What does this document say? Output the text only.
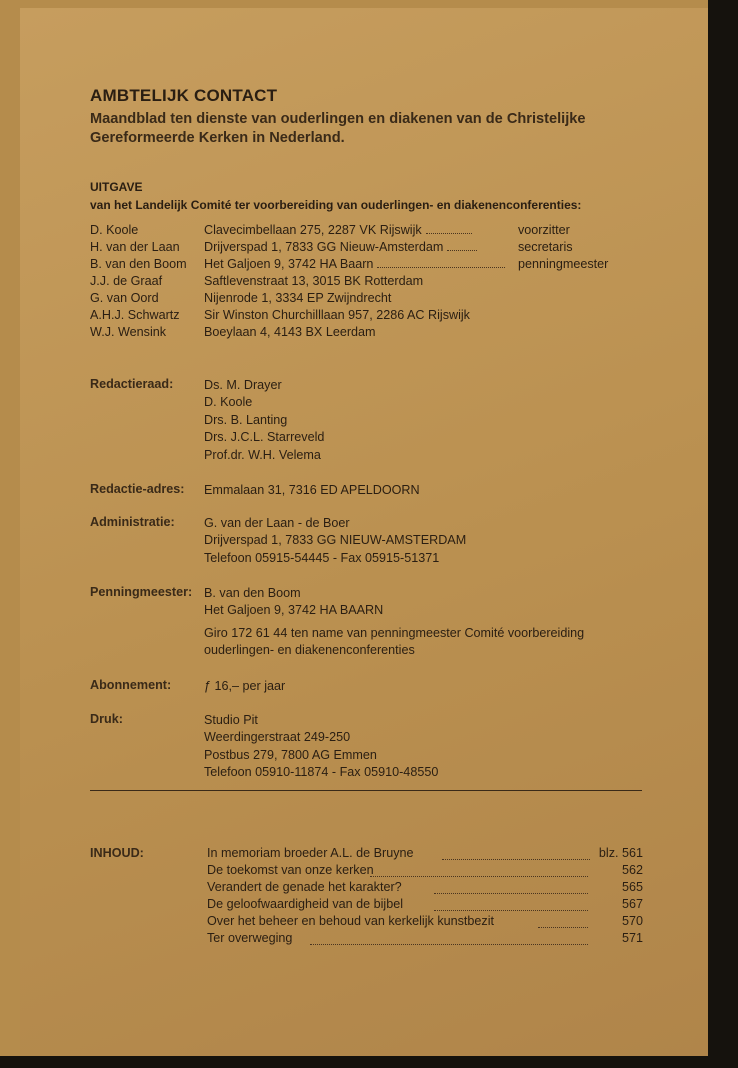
AMBTELIJK CONTACT
Maandblad ten dienste van ouderlingen en diakenen van de Christelijke
Gereformeerde Kerken in Nederland.
UITGAVE
van het Landelijk Comité ter voorbereiding van ouderlingen- en diakenenconferenties:
D. Koole	Clavecimbellaan 275, 2287 VK Rijswijk	voorzitter
H. van der Laan	Drijverspad 1, 7833 GG Nieuw-Amsterdam	secretaris
B. van den Boom	Het Galjoen 9, 3742 HA Baarn	penningmeester
J.J. de Graaf	Saftlevenstraat 13, 3015 BK Rotterdam
G. van Oord	Nijenrode 1, 3334 EP Zwijndrecht
A.H.J. Schwartz	Sir Winston Churchilllaan 957, 2286 AC Rijswijk
W.J. Wensink	Boeylaan 4, 4143 BX Leerdam
Redactieraad: Ds. M. Drayer
D. Koole
Drs. B. Lanting
Drs. J.C.L. Starreveld
Prof.dr. W.H. Velema
Redactie-adres: Emmalaan 31, 7316 ED APELDOORN
Administratie: G. van der Laan - de Boer
Drijverspad 1, 7833 GG NIEUW-AMSTERDAM
Telefoon 05915-54445 - Fax 05915-51371
Penningmeester: B. van den Boom
Het Galjoen 9, 3742 HA BAARN
Giro 172 61 44 ten name van penningmeester Comité voorbereiding
ouderlingen- en diakenenconferenties
Abonnement:	ƒ 16,– per jaar
Druk:	Studio Pit
Weerdingerstraat 249-250
Postbus 279, 7800 AG Emmen
Telefoon 05910-11874 - Fax 05910-48550
INHOUD:	In memoriam broeder A.L. de Bruyne	blz. 561
De toekomst van onze kerken	562
Verandert de genade het karakter?	565
De geloofwaardigheid van de bijbel	567
Over het beheer en behoud van kerkelijk kunstbezit	570
Ter overweging	571
